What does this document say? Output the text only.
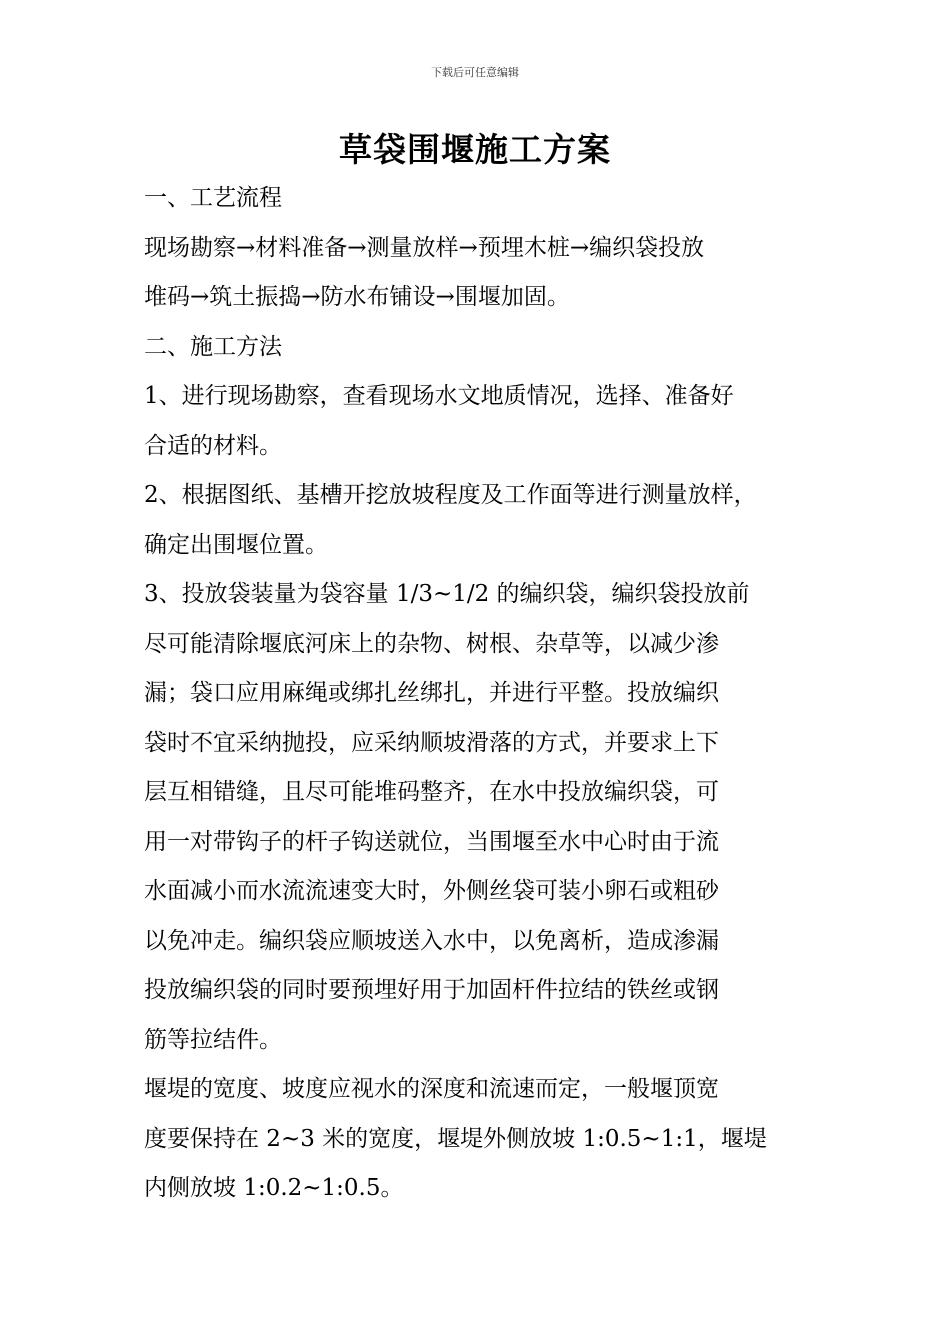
下载后可任意编辑
草袋围堰施工方案
一、工艺流程
现场勘察→材料准备→测量放样→预埋木桩→编织袋投放
堆码→筑土振捣→防水布铺设→围堰加固。
二、施工方法
1、进行现场勘察，查看现场水文地质情况，选择、准备好
合适的材料。
2、根据图纸、基槽开挖放坡程度及工作面等进行测量放样，
确定出围堰位置。
3、投放袋装量为袋容量 1/3~1/2 的编织袋，编织袋投放前
尽可能清除堰底河床上的杂物、树根、杂草等，以减少渗
漏；袋口应用麻绳或绑扎丝绑扎，并进行平整。投放编织
袋时不宜采纳抛投，应采纳顺坡滑落的方式，并要求上下
层互相错缝，且尽可能堆码整齐，在水中投放编织袋，可
用一对带钩子的杆子钩送就位，当围堰至水中心时由于流
水面减小而水流流速变大时，外侧丝袋可装小卵石或粗砂
以免冲走。编织袋应顺坡送入水中，以免离析，造成渗漏
投放编织袋的同时要预埋好用于加固杆件拉结的铁丝或钢
筋等拉结件。
堰堤的宽度、坡度应视水的深度和流速而定，一般堰顶宽
度要保持在 2~3 米的宽度，堰堤外侧放坡 1:0.5~1:1，堰堤
内侧放坡 1:0.2~1:0.5。
